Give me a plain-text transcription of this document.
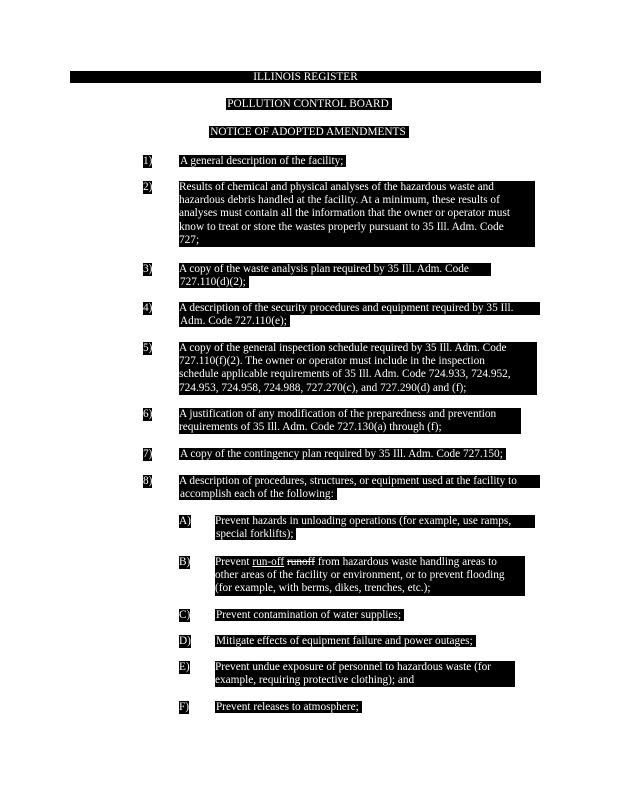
ILLINOIS REGISTER
POLLUTION CONTROL BOARD
NOTICE OF ADOPTED AMENDMENTS
1) A general description of the facility;
2) Results of chemical and physical analyses of the hazardous waste and
hazardous debris handled at the facility. At a minimum, these results of
analyses must contain all the information that the owner or operator must
know to treat or store the wastes properly pursuant to 35 Ill. Adm. Code
727;
3) A copy of the waste analysis plan required by 35 Ill. Adm. Code
727.110(d)(2);
4) A description of the security procedures and equipment required by 35 Ill.
Adm. Code 727.110(e);
5) A copy of the general inspection schedule required by 35 Ill. Adm. Code
727.110(f)(2). The owner or operator must include in the inspection
schedule applicable requirements of 35 Ill. Adm. Code 724.933, 724.952,
724.953, 724.958, 724.988, 727.270(c), and 727.290(d) and (f);
6) A justification of any modification of the preparedness and prevention
requirements of 35 Ill. Adm. Code 727.130(a) through (f);
7) A copy of the contingency plan required by 35 Ill. Adm. Code 727.150;
8) A description of procedures, structures, or equipment used at the facility to
accomplish each of the following:
A) Prevent hazards in unloading operations (for example, use ramps,
special forklifts);
B) Prevent run-off runoff from hazardous waste handling areas to
other areas of the facility or environment, or to prevent flooding
(for example, with berms, dikes, trenches, etc.);
C) Prevent contamination of water supplies;
D) Mitigate effects of equipment failure and power outages;
E) Prevent undue exposure of personnel to hazardous waste (for
example, requiring protective clothing); and
F) Prevent releases to atmosphere;
